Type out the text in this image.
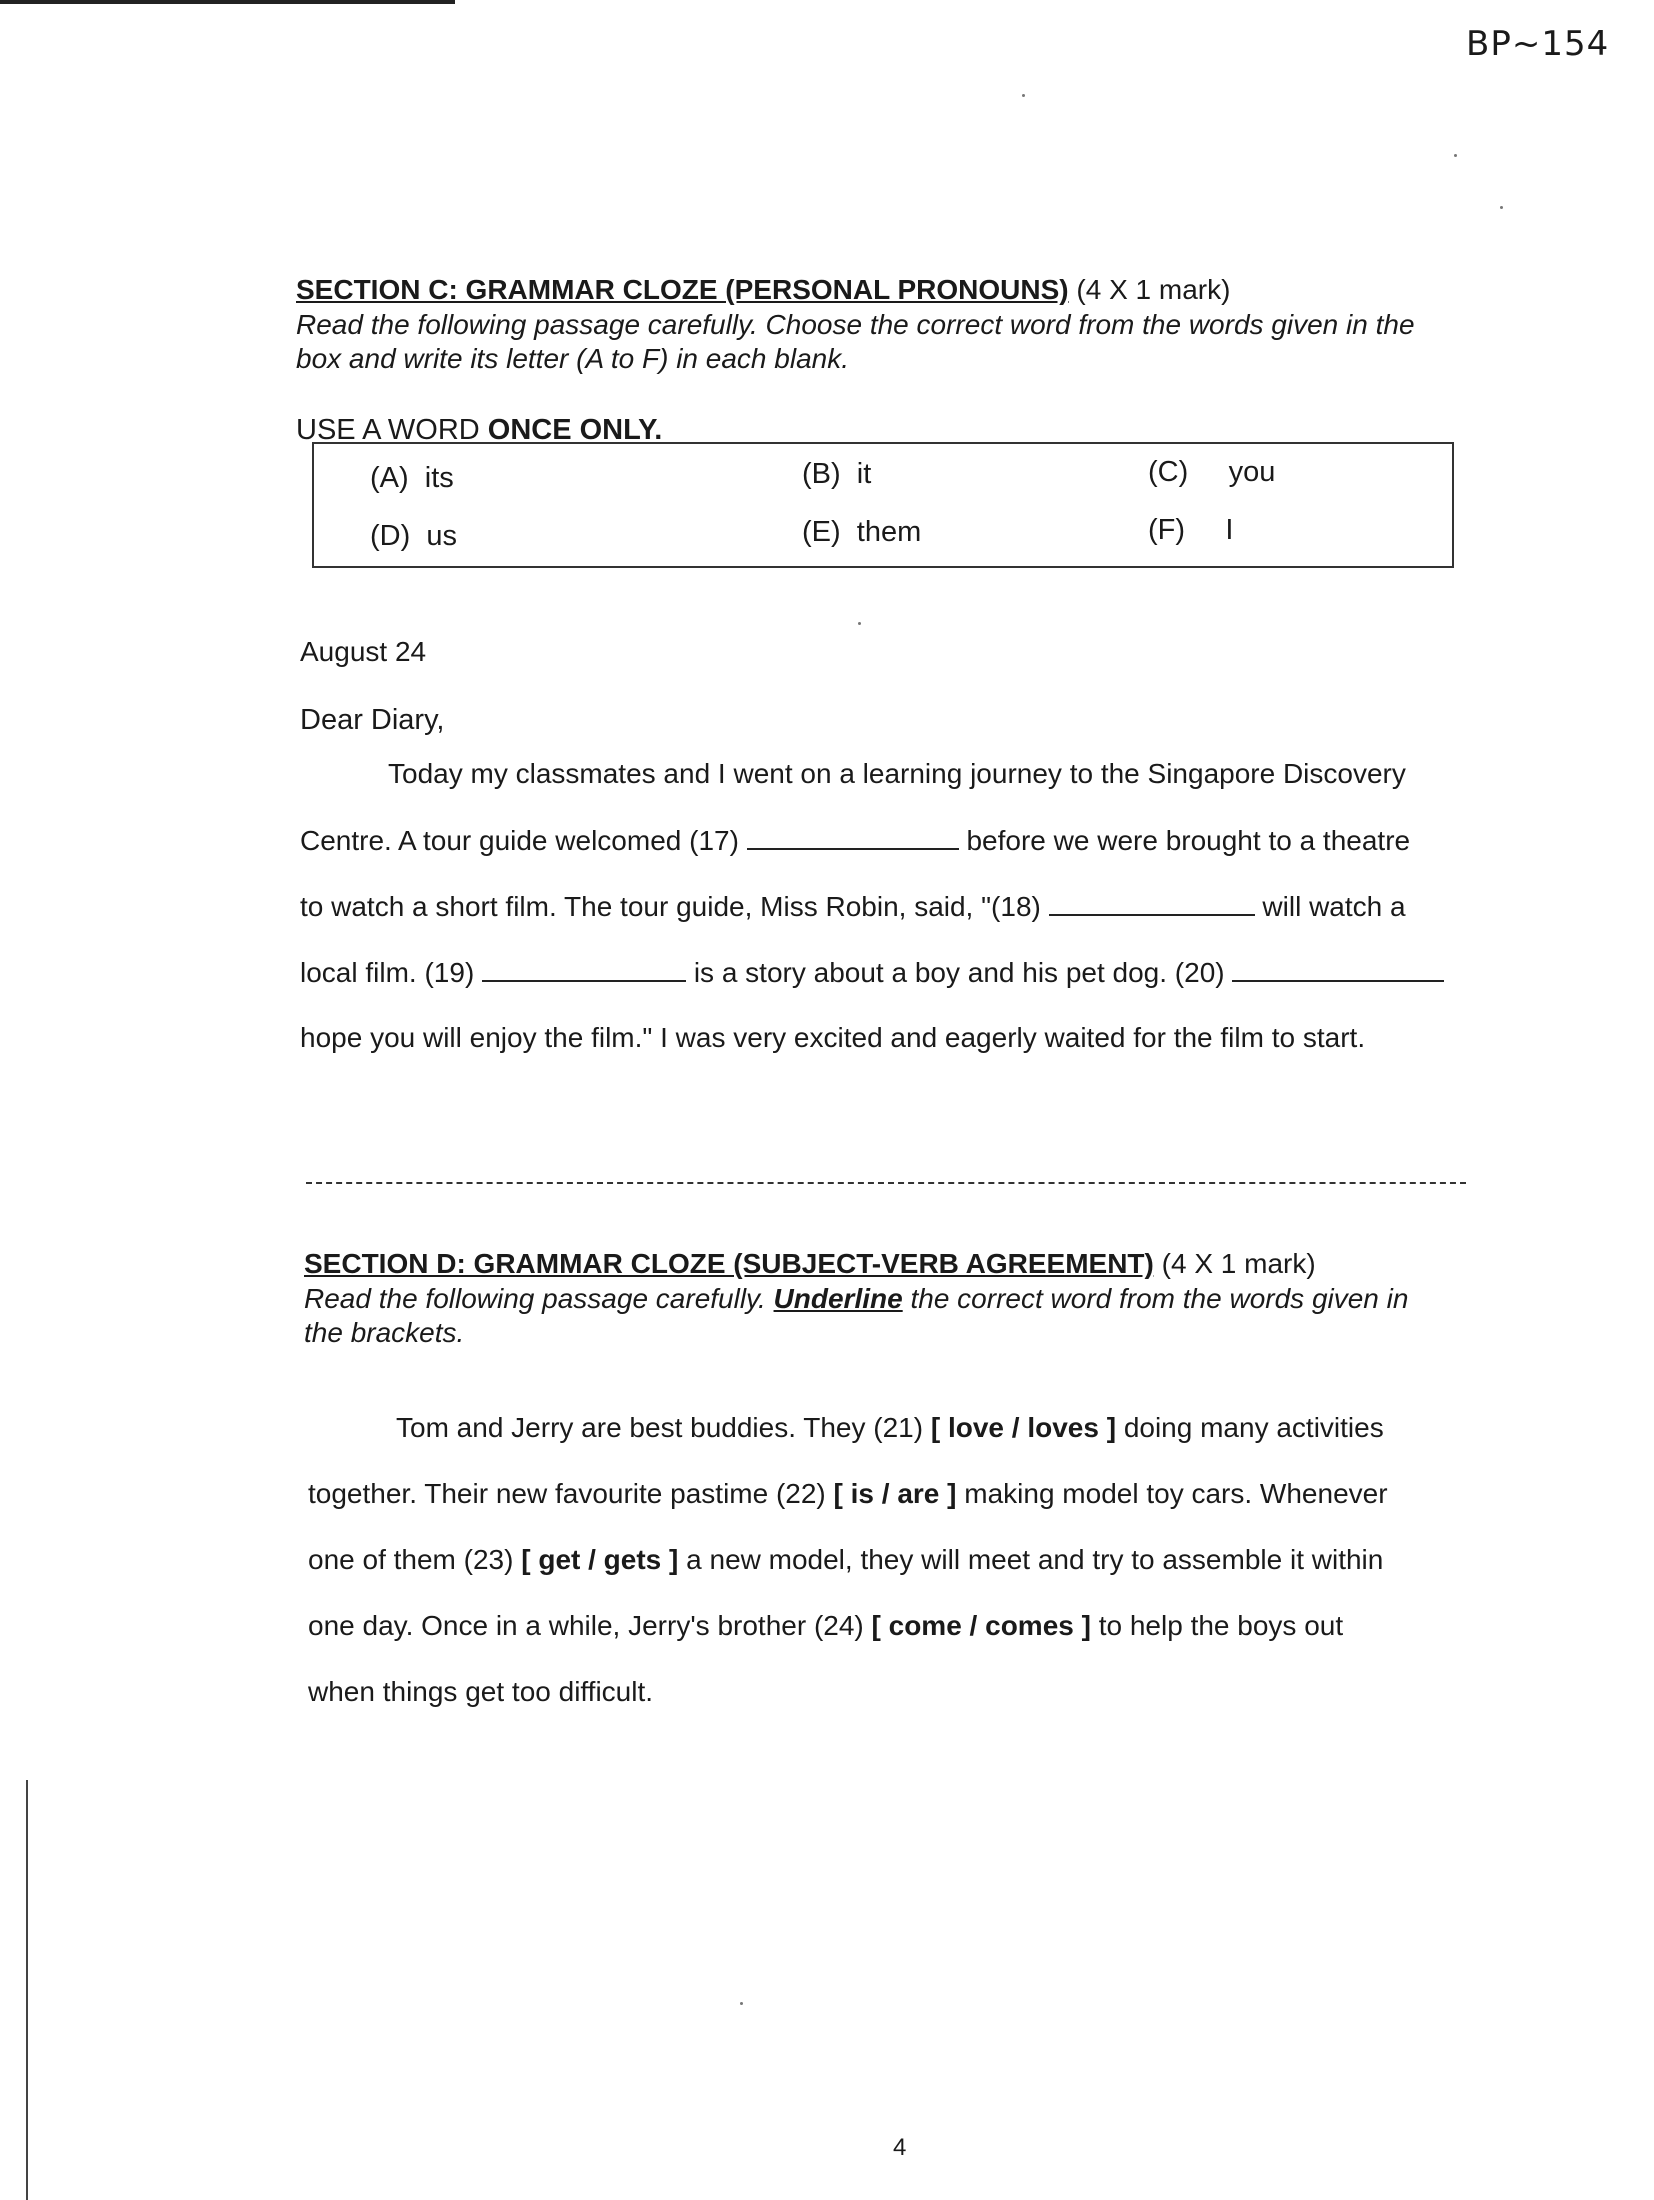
BP~154
SECTION C: GRAMMAR CLOZE (PERSONAL PRONOUNS) (4 X 1 mark)
Read the following passage carefully. Choose the correct word from the words given in the
box and write its letter (A to F) in each blank.
USE A WORD ONCE ONLY.
(A) its	(B) it	(C) you
(D) us	(E) them	(F) I
August 24
Dear Diary,
Today my classmates and I went on a learning journey to the Singapore Discovery
Centre. A tour guide welcomed (17)	before we were brought to a theatre
to watch a short film. The tour guide, Miss Robin, said, "(18)	will watch a
local film. (19)	is a story about a boy and his pet dog. (20)
hope you will enjoy the film." I was very excited and eagerly waited for the film to start.
SECTION D: GRAMMAR CLOZE (SUBJECT-VERB AGREEMENT) (4 X 1 mark)
Read the following passage carefully. Underline the correct word from the words given in
the brackets.
Tom and Jerry are best buddies. They (21) [ love / loves ] doing many activities
together. Their new favourite pastime (22) [ is / are ] making model toy cars. Whenever
one of them (23) [ get / gets ] a new model, they will meet and try to assemble it within
one day. Once in a while, Jerry's brother (24) [ come / comes ] to help the boys out
when things get too difficult.
4
